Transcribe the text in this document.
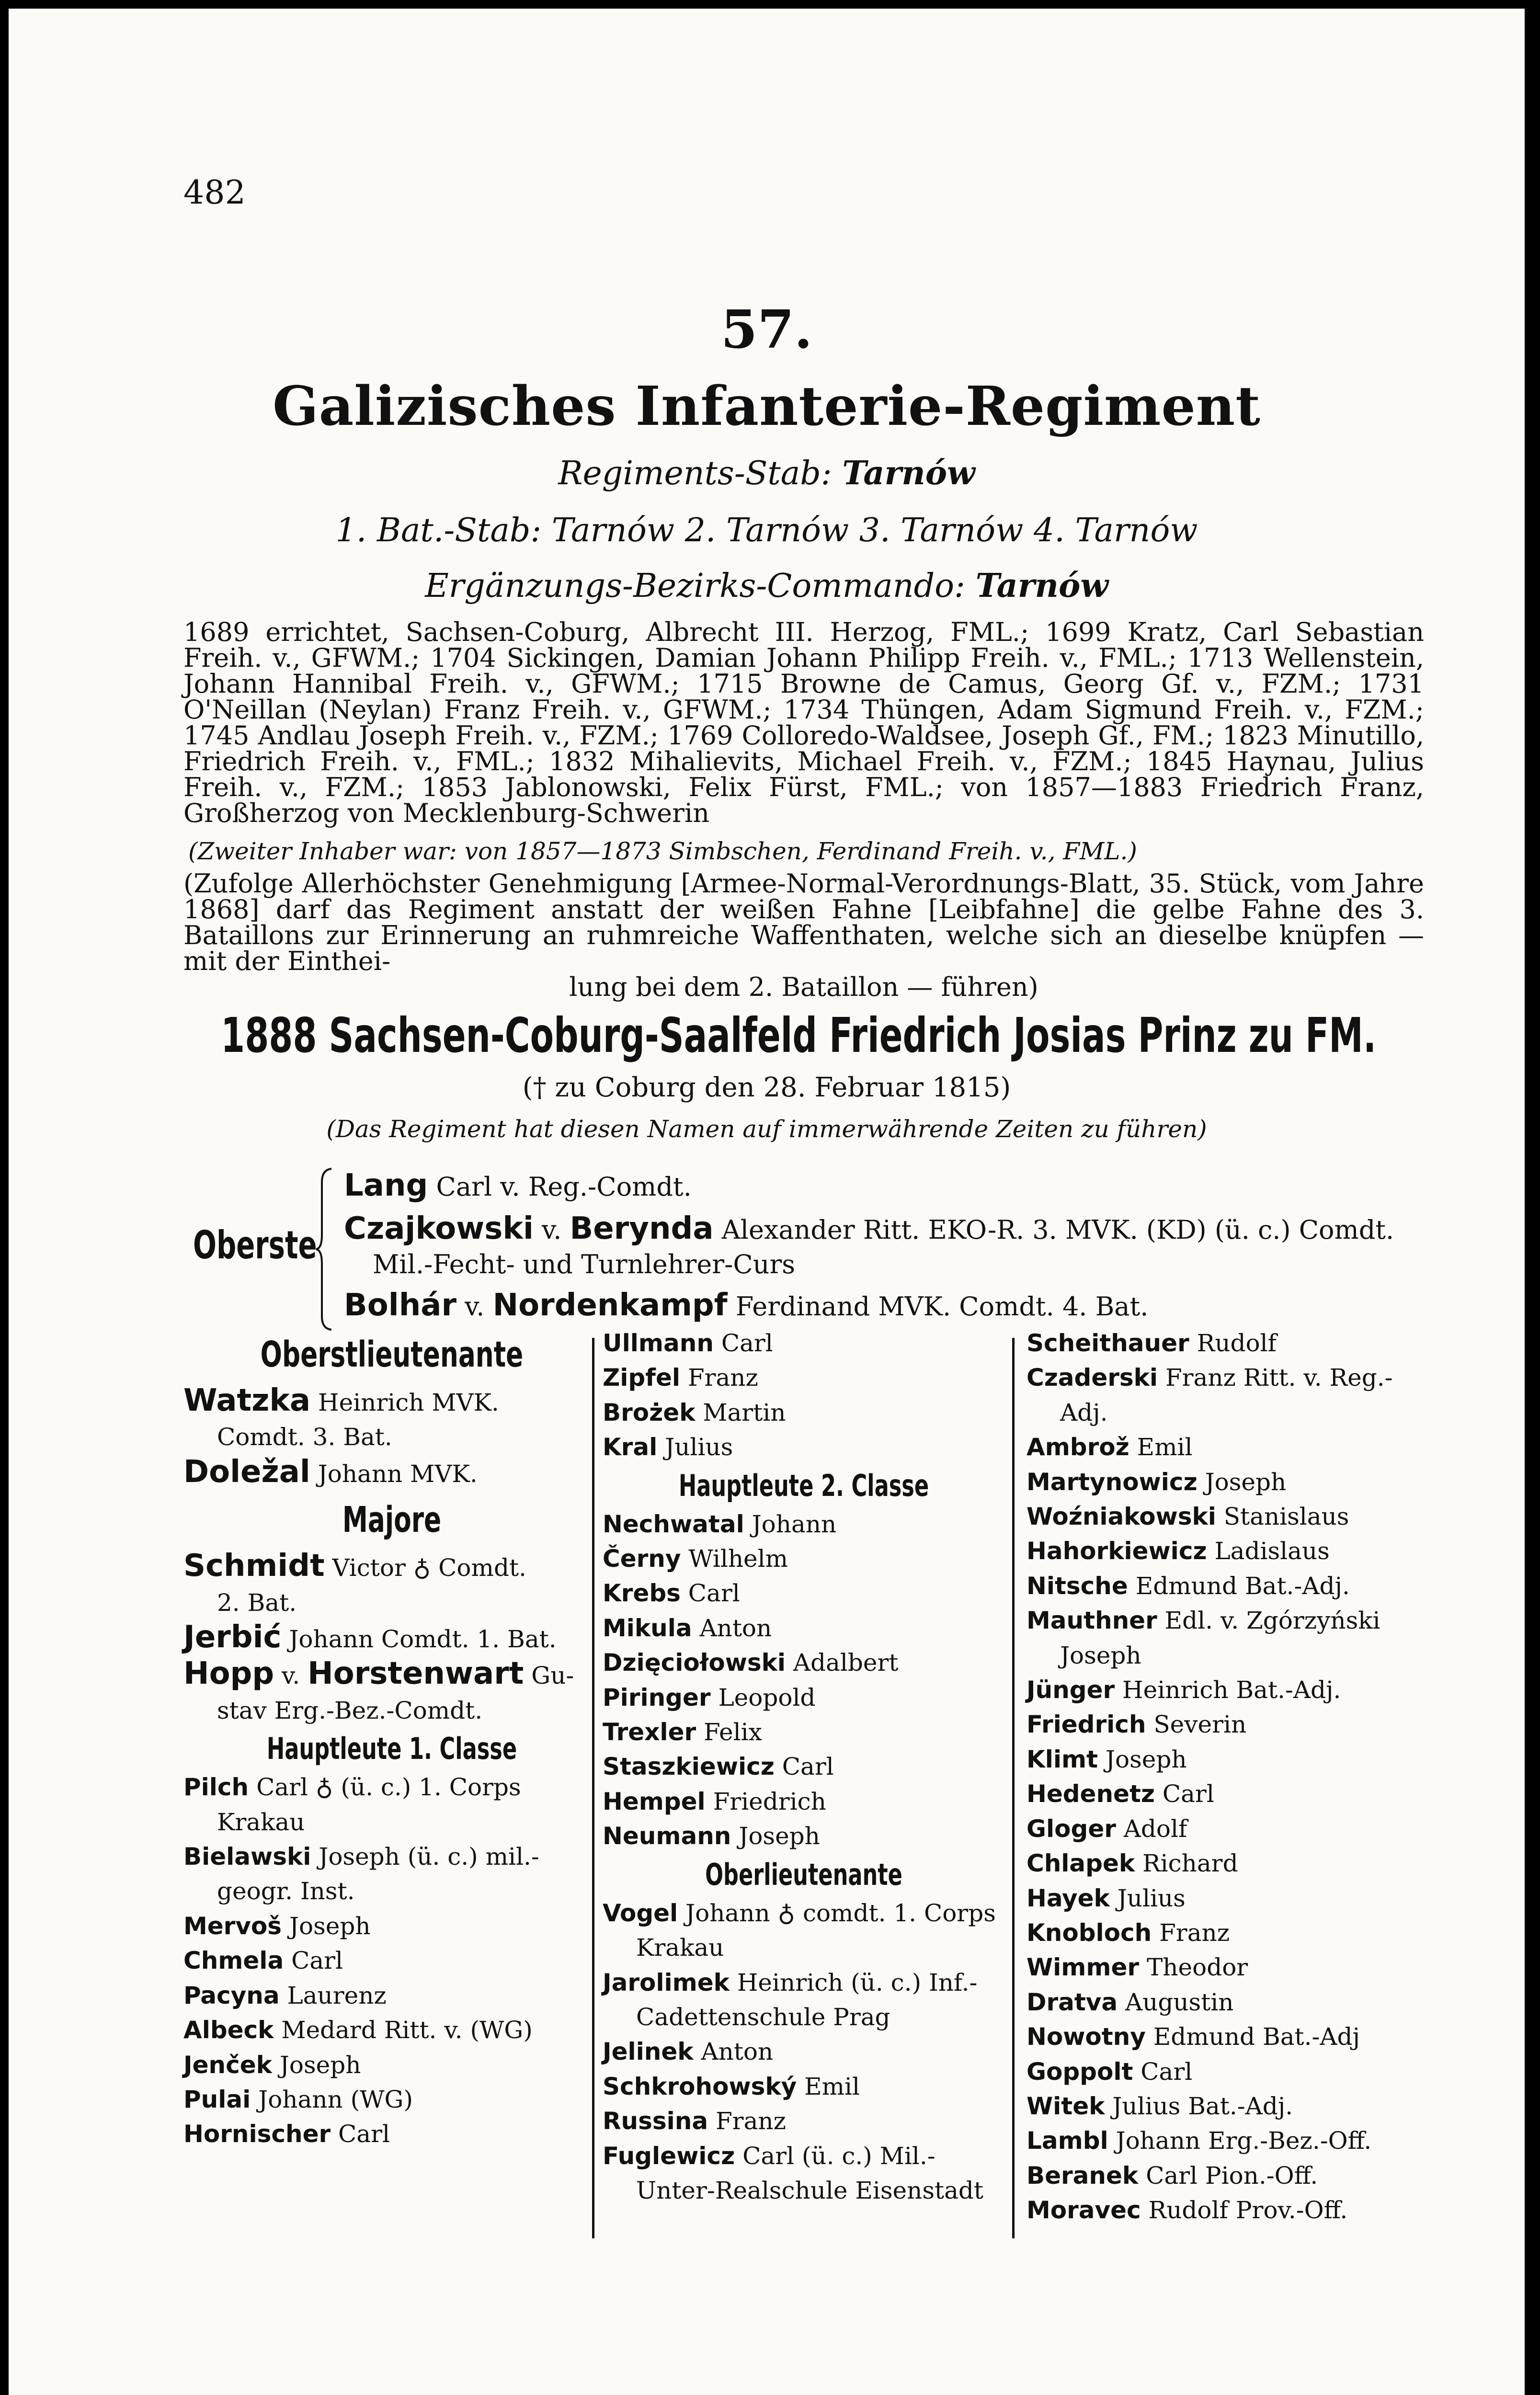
482
57.
Galizisches Infanterie-Regiment
Regiments-Stab: Tarnów
1. Bat.-Stab: Tarnów 2. Tarnów 3. Tarnów 4. Tarnów
Ergänzungs-Bezirks-Commando: Tarnów
1689 errichtet, Sachsen-Coburg, Albrecht III. Herzog, FML.; 1699 Kratz, Carl Sebastian Freih. v., GFWM.; 1704 Sickingen, Damian Johann Philipp Freih. v., FML.; 1713 Wellenstein, Johann Hannibal Freih. v., GFWM.; 1715 Browne de Camus, Georg Gf. v., FZM.; 1731 O'Neillan (Neylan) Franz Freih. v., GFWM.; 1734 Thüngen, Adam Sigmund Freih. v., FZM.; 1745 Andlau Joseph Freih. v., FZM.; 1769 Colloredo-Waldsee, Joseph Gf., FM.; 1823 Minutillo, Friedrich Freih. v., FML.; 1832 Mihalievits, Michael Freih. v., FZM.; 1845 Haynau, Julius Freih. v., FZM.; 1853 Jablonowski, Felix Fürst, FML.; von 1857—1883 Friedrich Franz, Großherzog von Mecklenburg-Schwerin
(Zweiter Inhaber war: von 1857—1873 Simbschen, Ferdinand Freih. v., FML.)
(Zufolge Allerhöchster Genehmigung [Armee-Normal-Verordnungs-Blatt, 35. Stück, vom Jahre 1868] darf das Regiment anstatt der weißen Fahne [Leibfahne] die gelbe Fahne des 3. Bataillons zur Erinnerung an ruhmreiche Waffenthaten, welche sich an dieselbe knüpfen — mit der Einthei-
lung bei dem 2. Bataillon — führen)
1888 Sachsen-Coburg-Saalfeld Friedrich Josias Prinz zu FM.
(† zu Coburg den 28. Februar 1815)
(Das Regiment hat diesen Namen auf immerwährende Zeiten zu führen)
Oberste
Lang Carl v. Reg.-Comdt.
Czajkowski v. Berynda Alexander Ritt. EKO-R. 3. MVK. (KD) (ü. c.) Comdt.
Mil.-Fecht- und Turnlehrer-Curs
Bolhár v. Nordenkampf Ferdinand MVK. Comdt. 4. Bat.
Oberstlieutenante
Watzka Heinrich MVK.
Comdt. 3. Bat.
Doležal Johann MVK.
Majore
Schmidt Victor ♁ Comdt.
2. Bat.
Jerbić Johann Comdt. 1. Bat.
Hopp v. Horstenwart Gu-
stav Erg.-Bez.-Comdt.
Hauptleute 1. Classe
Pilch Carl ♁ (ü. c.) 1. Corps
Krakau
Bielawski Joseph (ü. c.) mil.-
geogr. Inst.
Mervoš Joseph
Chmela Carl
Pacyna Laurenz
Albeck Medard Ritt. v. (WG)
Jenček Joseph
Pulai Johann (WG)
Hornischer Carl
Ullmann Carl
Zipfel Franz
Brożek Martin
Kral Julius
Hauptleute 2. Classe
Nechwatal Johann
Černy Wilhelm
Krebs Carl
Mikula Anton
Dzięciołowski Adalbert
Piringer Leopold
Trexler Felix
Staszkiewicz Carl
Hempel Friedrich
Neumann Joseph
Oberlieutenante
Vogel Johann ♁ comdt. 1. Corps
Krakau
Jarolimek Heinrich (ü. c.) Inf.-
Cadettenschule Prag
Jelinek Anton
Schkrohowský Emil
Russina Franz
Fuglewicz Carl (ü. c.) Mil.-
Unter-Realschule Eisenstadt
Scheithauer Rudolf
Czaderski Franz Ritt. v. Reg.-
Adj.
Ambrož Emil
Martynowicz Joseph
Woźniakowski Stanislaus
Hahorkiewicz Ladislaus
Nitsche Edmund Bat.-Adj.
Mauthner Edl. v. Zgórzyński
Joseph
Jünger Heinrich Bat.-Adj.
Friedrich Severin
Klimt Joseph
Hedenetz Carl
Gloger Adolf
Chlapek Richard
Hayek Julius
Knobloch Franz
Wimmer Theodor
Dratva Augustin
Nowotny Edmund Bat.-Adj
Goppolt Carl
Witek Julius Bat.-Adj.
Lambl Johann Erg.-Bez.-Off.
Beranek Carl Pion.-Off.
Moravec Rudolf Prov.-Off.
